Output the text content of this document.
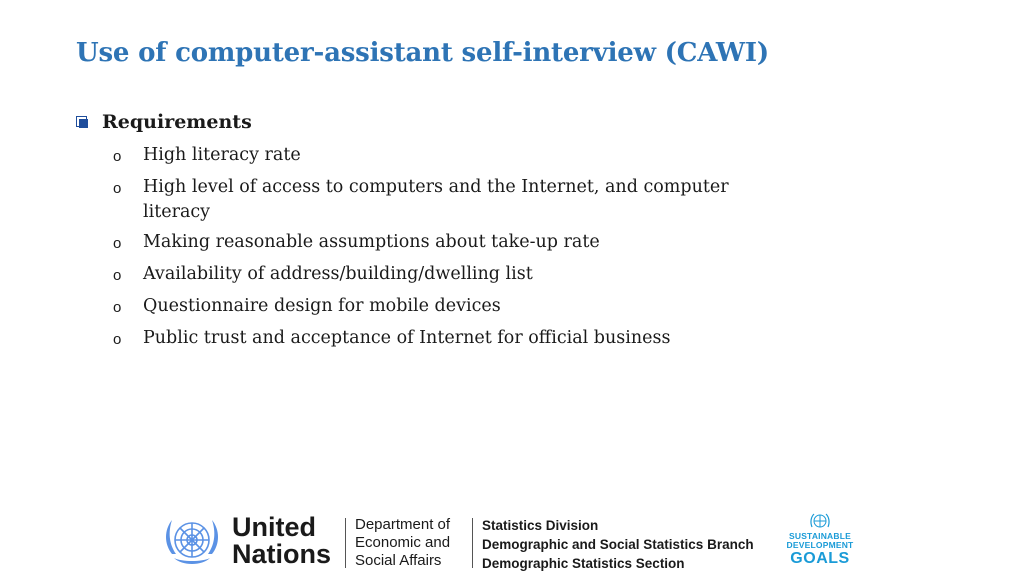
Use of computer-assistant self-interview (CAWI)
Requirements
o	High literacy rate
o	High level of access to computers and the Internet, and computer literacy
o	Making reasonable assumptions about take-up rate
o	Availability of address/building/dwelling list
o	Questionnaire design for mobile devices
o	Public trust and acceptance of Internet for official business
United
Nations
Department of
Economic and
Social Affairs
Statistics Division
Demographic and Social Statistics Branch
Demographic Statistics Section
SUSTAINABLE
DEVELOPMENT
GOALS
